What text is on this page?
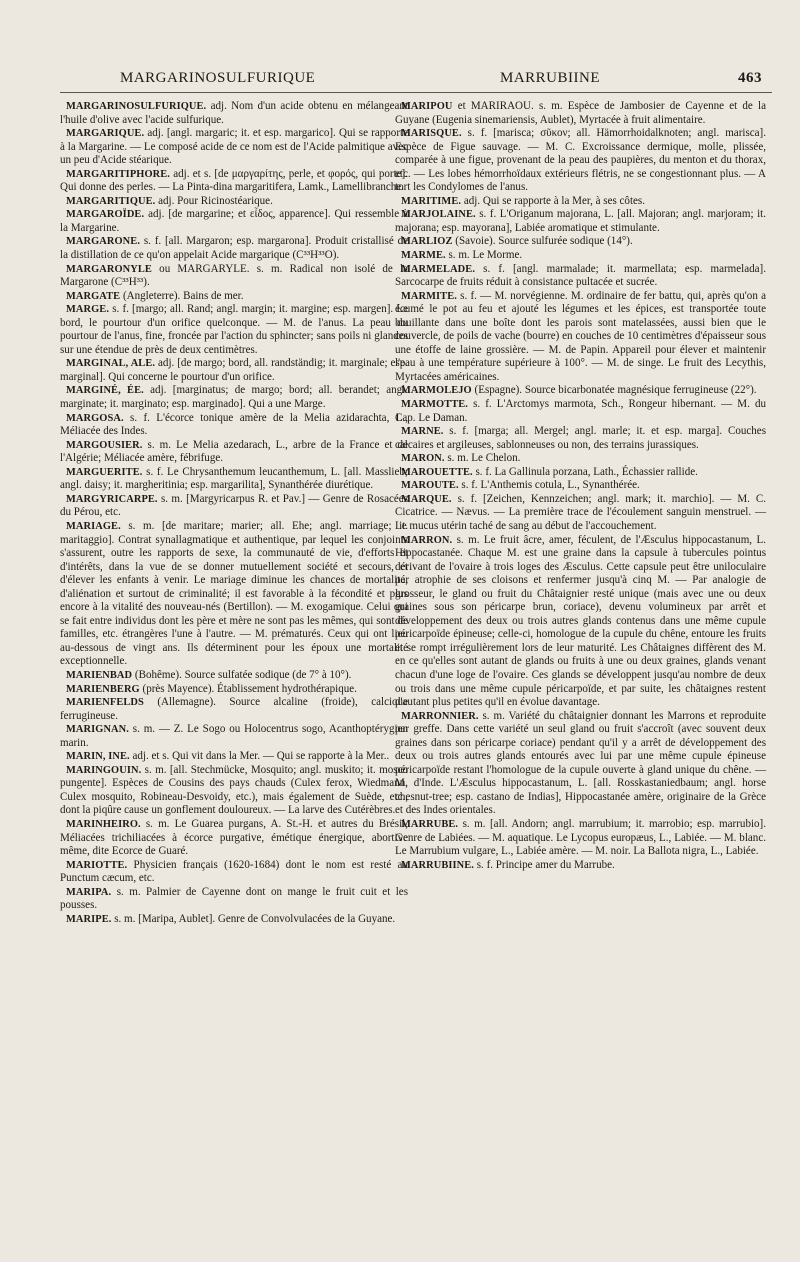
MARGARINOSULFURIQUE	MARRUBIINE	463

MARGARINOSULFURIQUE. adj. Nom d'un acide obtenu en mélangeant l'huile d'olive avec l'acide sulfurique.

MARGARIQUE. adj. [angl. margaric; it. et esp. margarico]. Qui se rapporte à la Margarine. — Le composé acide de ce nom est de l'Acide palmitique avec un peu d'Acide stéarique.

MARGARITIPHORE. adj. et s. [de μαργαρίτης, perle, et φορός, qui porte]. Qui donne des perles. — La Pinta-dina margaritifera, Lamk., Lamellibranche.

MARGARITIQUE. adj. Pour Ricinostéarique.

MARGAROÏDE. adj. [de margarine; et εἶδος, apparence]. Qui ressemble à la Margarine.

MARGARONE. s. f. [all. Margaron; esp. margarona]. Produit cristallisé de la distillation de ce qu'on appelait Acide margarique (C³³H³³O).

MARGARONYLE ou MARGARYLE. s. m. Radical non isolé de la Margarone (C³³H³³).

MARGATE (Angleterre). Bains de mer.

MARGE. s. f. [margo; all. Rand; angl. margin; it. margine; esp. margen]. Le bord, le pourtour d'un orifice quelconque. — M. de l'anus. La peau du pourtour de l'anus, fine, froncée par l'action du sphincter; sans poils ni glandes sur une étendue de près de deux centimètres.

MARGINAL, ALE. adj. [de margo; bord, all. randständig; it. marginale; esp. marginal]. Qui concerne le pourtour d'un orifice.

MARGINÉ, ÉE. adj. [marginatus; de margo; bord; all. berandet; angl. marginate; it. marginato; esp. marginado]. Qui a une Marge.

MARGOSA. s. f. L'écorce tonique amère de la Melia azidarachta, L., Méliacée des Indes.

MARGOUSIER. s. m. Le Melia azedarach, L., arbre de la France et de l'Algérie; Méliacée amère, fébrifuge.

MARGUERITE. s. f. Le Chrysanthemum leucanthemum, L. [all. Masslieb; angl. daisy; it. margheritinia; esp. margarilita], Synanthérée diurétique.

MARGYRICARPE. s. m. [Margyricarpus R. et Pav.] — Genre de Rosacées du Pérou, etc.

MARIAGE. s. m. [de maritare; marier; all. Ehe; angl. marriage; it. maritaggio]. Contrat synallagmatique et authentique, par lequel les conjoints s'assurent, outre les rapports de sexe, la communauté de vie, d'efforts et d'intérêts, dans la vue de se donner mutuellement société et secours, et d'élever les enfants à venir. Le mariage diminue les chances de mortalité, d'aliénation et surtout de criminalité; il est favorable à la fécondité et plus encore à la vitalité des nouveau-nés (Bertillon). — M. exogamique. Celui qui se fait entre individus dont les père et mère ne sont pas les mêmes, qui sont de familles, etc. étrangères l'une à l'autre. — M. prématurés. Ceux qui ont lieu au-dessous de vingt ans. Ils déterminent pour les époux une mortalité exceptionnelle.

MARIENBAD (Bohême). Source sulfatée sodique (de 7° à 10°).

MARIENBERG (près Mayence). Établissement hydrothérapique.

MARIENFELDS (Allemagne). Source alcaline (froide), calcique ferrugineuse.

MARIGNAN. s. m. — Z. Le Sogo ou Holocentrus sogo, Acanthoptérygien marin.

MARIN, INE. adj. et s. Qui vit dans la Mer. — Qui se rapporte à la Mer..

MARINGOUIN. s. m. [all. Stechmücke, Mosquito; angl. muskito; it. mosco pungente]. Espèces de Cousins des pays chauds (Culex ferox, Wiedmann, Culex mosquito, Robineau-Desvoidy, etc.), mais également de Suède, etc., dont la piqûre cause un gonflement douloureux. — La larve des Cutérèbres.

MARINHEIRO. s. m. Le Guarea purgans, A. St.-H. et autres du Brésil, Méliacées trichiliacées à écorce purgative, émétique énergique, abortive même, dite Ecorce de Guaré.

MARIOTTE. Physicien français (1620-1684) dont le nom est resté au Punctum cæcum, etc.

MARIPA. s. m. Palmier de Cayenne dont on mange le fruit cuit et les pousses.

MARIPE. s. m. [Maripa, Aublet]. Genre de Convolvulacées de la Guyane.

MARIPOU et MARIRAOU. s. m. Espèce de Jambosier de Cayenne et de la Guyane (Eugenia sinemariensis, Aublet), Myrtacée à fruit alimentaire.

MARISQUE. s. f. [marisca; σῦκον; all. Hämorrhoidalknoten; angl. marisca]. Espèce de Figue sauvage. — M. C. Excroissance dermique, molle, plissée, comparée à une figue, provenant de la peau des paupières, du menton et du thorax, etc. — Les lobes hémorrhoïdaux extérieurs flétris, ne se congestionnant plus. — A tort les Condylomes de l'anus.

MARITIME. adj. Qui se rapporte à la Mer, à ses côtes.

MARJOLAINE. s. f. L'Origanum majorana, L. [all. Majoran; angl. marjoram; it. majorana; esp. mayorana], Labiée aromatique et stimulante.

MARLIOZ (Savoie). Source sulfurée sodique (14°).

MARME. s. m. Le Morme.

MARMELADE. s. f. [angl. marmalade; it. marmellata; esp. marmelada]. Sarcocarpe de fruits réduit à consistance pultacée et sucrée.

MARMITE. s. f. — M. norvégienne. M. ordinaire de fer battu, qui, après qu'on a écumé le pot au feu et ajouté les légumes et les épices, est transportée toute bouillante dans une boîte dont les parois sont matelassées, aussi bien que le couvercle, de poils de vache (bourre) en couches de 10 centimètres d'épaisseur sous une étoffe de laine grossière. — M. de Papin. Appareil pour élever et maintenir l'eau à une température supérieure à 100°. — M. de singe. Le fruit des Lecythis, Myrtacées américaines.

MARMOLEJO (Espagne). Source bicarbonatée magnésique ferrugineuse (22°).

MARMOTTE. s. f. L'Arctomys marmota, Sch., Rongeur hibernant. — M. du Cap. Le Daman.

MARNE. s. f. [marga; all. Mergel; angl. marle; it. et esp. marga]. Couches calcaires et argileuses, sablonneuses ou non, des terrains jurassiques.

MARON. s. m. Le Chelon.

MAROUETTE. s. f. La Gallinula porzana, Lath., Échassier rallide.

MAROUTE. s. f. L'Anthemis cotula, L., Synanthérée.

MARQUE. s. f. [Zeichen, Kennzeichen; angl. mark; it. marchio]. — M. C. Cicatrice. — Nævus. — La première trace de l'écoulement sanguin menstruel. — Le mucus utérin taché de sang au début de l'accouchement.

MARRON. s. m. Le fruit âcre, amer, féculent, de l'Æsculus hippocastanum, L. Hippocastanée. Chaque M. est une graine dans la capsule à tubercules pointus dérivant de l'ovaire à trois loges des Æsculus. Cette capsule peut être uniloculaire par atrophie de ses cloisons et renfermer jusqu'à cinq M. — Par analogie de grosseur, le gland ou fruit du Châtaignier resté unique (mais avec une ou deux graines sous son péricarpe brun, coriace), devenu volumineux par arrêt et développement des deux ou trois autres glands contenus dans une même cupule péricarpoïde épineuse; celle-ci, homologue de la cupule du chêne, entoure les fruits et se rompt irrégulièrement lors de leur maturité. Les Châtaignes diffèrent des M. en ce qu'elles sont autant de glands ou fruits à une ou deux graines, glands venant chacun d'une loge de l'ovaire. Ces glands se développent jusqu'au nombre de deux ou trois dans une même cupule péricarpoïde, et par suite, les châtaignes restent d'autant plus petites qu'il en évolue davantage.

MARRONNIER. s. m. Variété du châtaignier donnant les Marrons et reproduite par greffe. Dans cette variété un seul gland ou fruit s'accroît (avec souvent deux graines dans son péricarpe coriace) pendant qu'il y a arrêt de développement des deux ou trois autres glands entourés avec lui par une même cupule épineuse péricarpoïde restant l'homologue de la cupule ouverte à gland unique du chêne. — M. d'Inde. L'Æsculus hippocastanum, L. [all. Rosskastaniedbaum; angl. horse chesnut-tree; esp. castano de Indias], Hippocastanée amère, originaire de la Grèce et des Indes orientales.

MARRUBE. s. m. [all. Andorn; angl. marrubium; it. marrobio; esp. marrubio]. Genre de Labiées. — M. aquatique. Le Lycopus europæus, L., Labiée. — M. blanc. Le Marrubium vulgare, L., Labiée amère. — M. noir. La Ballota nigra, L., Labiée.

MARRUBIINE. s. f. Principe amer du Marrube.
